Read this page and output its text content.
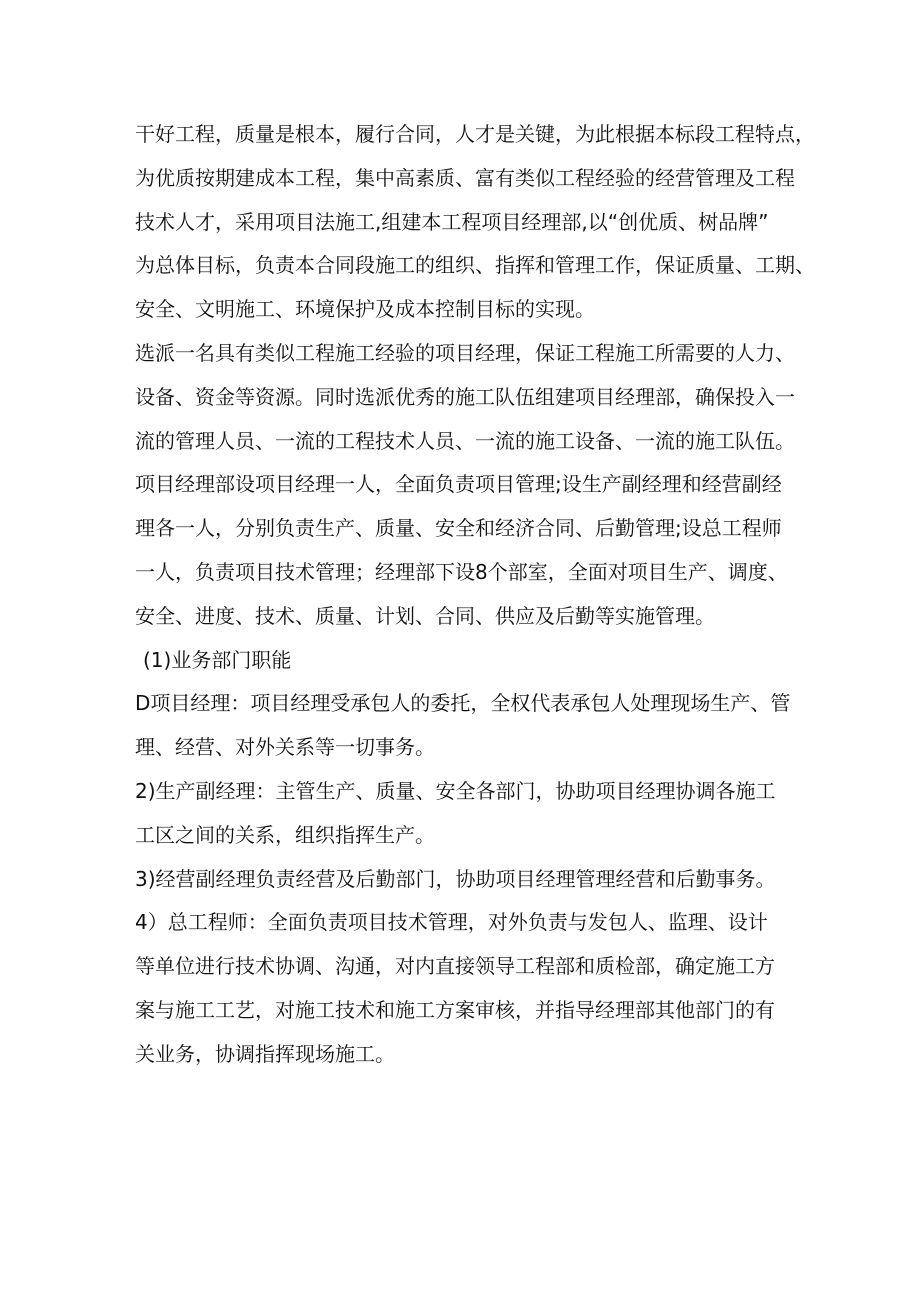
干好工程，质量是根本，履行合同，人才是关键，为此根据本标段工程特点，
为优质按期建成本工程，集中高素质、富有类似工程经验的经营管理及工程
技术人才，采用项目法施工,组建本工程项目经理部,以“创优质、树品牌”
为总体目标，负责本合同段施工的组织、指挥和管理工作，保证质量、工期、
安全、文明施工、环境保护及成本控制目标的实现。
选派一名具有类似工程施工经验的项目经理，保证工程施工所需要的人力、
设备、资金等资源。同时选派优秀的施工队伍组建项目经理部，确保投入一
流的管理人员、一流的工程技术人员、一流的施工设备、一流的施工队伍。
项目经理部设项目经理一人，全面负责项目管理;设生产副经理和经营副经
理各一人，分别负责生产、质量、安全和经济合同、后勤管理;设总工程师
一人，负责项目技术管理；经理部下设8个部室，全面对项目生产、调度、
安全、进度、技术、质量、计划、合同、供应及后勤等实施管理。
(1)业务部门职能
D项目经理：项目经理受承包人的委托，全权代表承包人处理现场生产、管
理、经营、对外关系等一切事务。
2)生产副经理：主管生产、质量、安全各部门，协助项目经理协调各施工
工区之间的关系，组织指挥生产。
3)经营副经理负责经营及后勤部门，协助项目经理管理经营和后勤事务。
4）总工程师：全面负责项目技术管理，对外负责与发包人、监理、设计
等单位进行技术协调、沟通，对内直接领导工程部和质检部，确定施工方
案与施工工艺，对施工技术和施工方案审核，并指导经理部其他部门的有
关业务，协调指挥现场施工。
